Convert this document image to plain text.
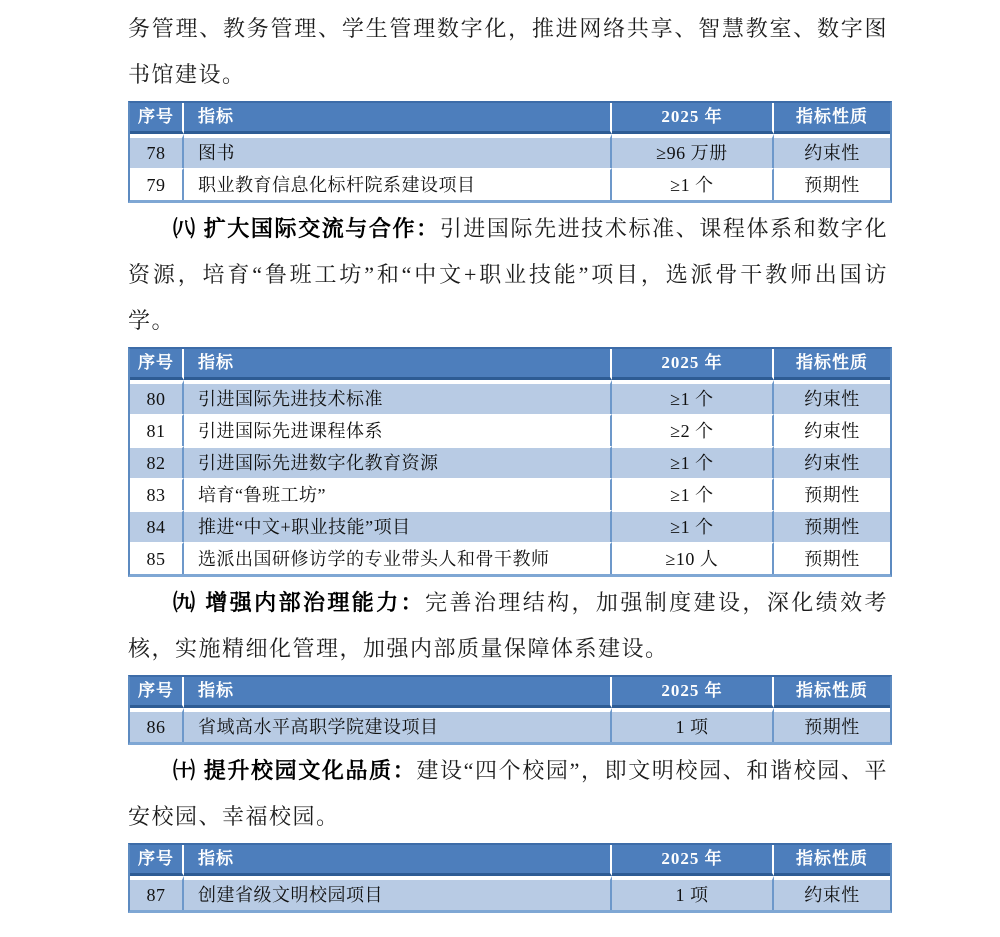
务管理、教务管理、学生管理数字化，推进网络共享、智慧教室、数字图书馆建设。

序号	指标	2025 年	指标性质
78	图书	≥96 万册	约束性
79	职业教育信息化标杆院系建设项目	≥1 个	预期性

㈧ 扩大国际交流与合作：引进国际先进技术标准、课程体系和数字化资源，培育“鲁班工坊”和“中文+职业技能”项目，选派骨干教师出国访学。

序号	指标	2025 年	指标性质
80	引进国际先进技术标准	≥1 个	约束性
81	引进国际先进课程体系	≥2 个	约束性
82	引进国际先进数字化教育资源	≥1 个	约束性
83	培育“鲁班工坊”	≥1 个	预期性
84	推进“中文+职业技能”项目	≥1 个	预期性
85	选派出国研修访学的专业带头人和骨干教师	≥10 人	预期性

㈨ 增强内部治理能力：完善治理结构，加强制度建设，深化绩效考核，实施精细化管理，加强内部质量保障体系建设。

序号	指标	2025 年	指标性质
86	省域高水平高职学院建设项目	1 项	预期性

㈩ 提升校园文化品质：建设“四个校园”，即文明校园、和谐校园、平安校园、幸福校园。

序号	指标	2025 年	指标性质
87	创建省级文明校园项目	1 项	约束性
